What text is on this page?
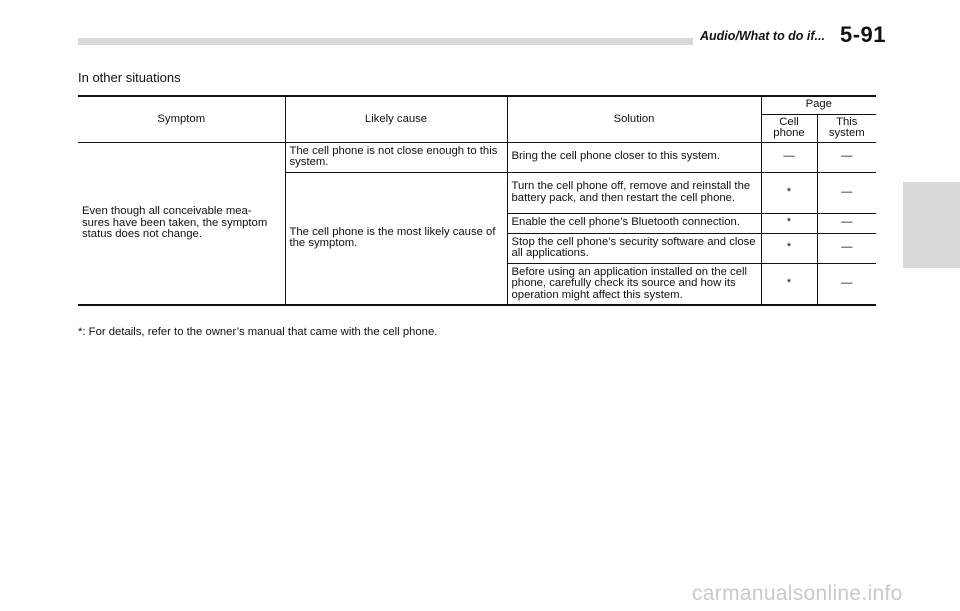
Audio/What to do if... 5-91
In other situations
Symptom	Likely cause	Solution	Page	
			Cell phone	This system
Even though all conceivable mea- sures have been taken, the symptom status does not change.	The cell phone is not close enough to this system.	Bring the cell phone closer to this system.	—	—
	The cell phone is the most likely cause of the symptom.	Turn the cell phone off, remove and reinstall the battery pack, and then restart the cell phone.	*	—
		Enable the cell phone’s Bluetooth connection.	*	—
		Stop the cell phone’s security software and close all applications.	*	—
		Before using an application installed on the cell phone, carefully check its source and how its operation might affect this system.	*	—
*: For details, refer to the owner’s manual that came with the cell phone.
carmanualsonline.info
